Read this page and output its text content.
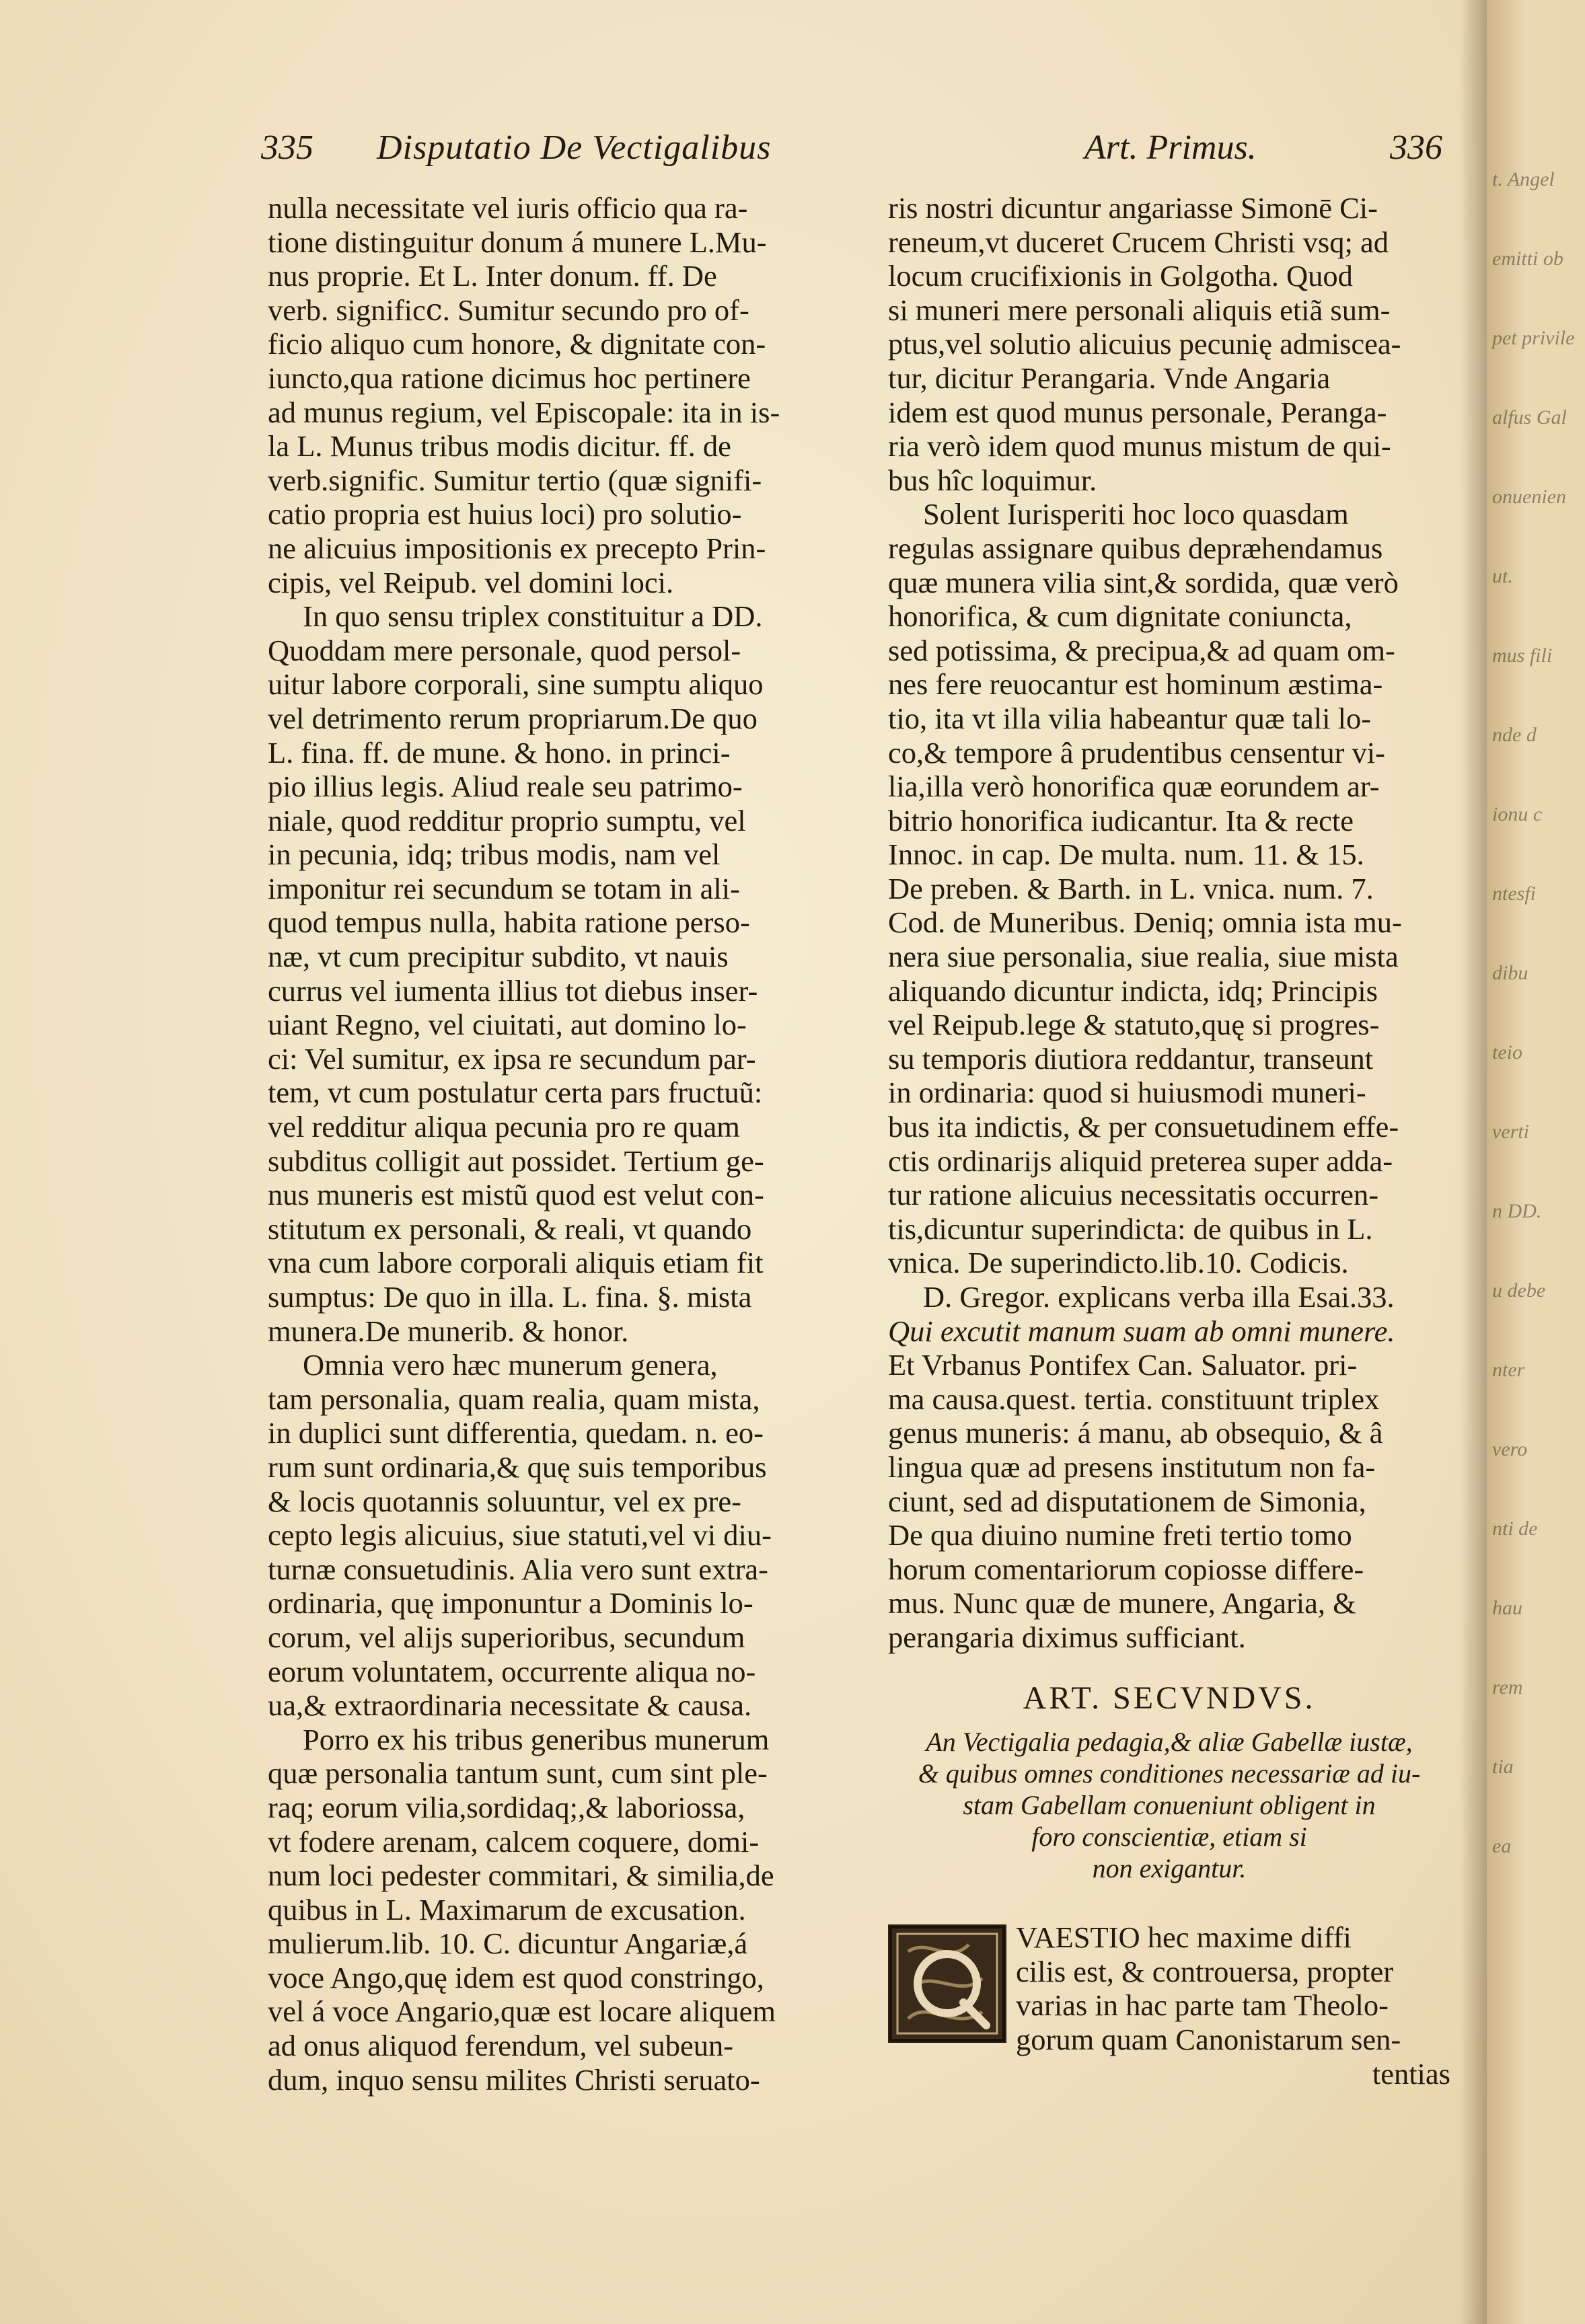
t. Angel
emitti ob
pet privile
alfus Gal
onuenien
ut.
mus fili
nde d
ionu c
ntesfi
dibu
teio
verti
n DD.
u debe
nter
vero
nti de
hau
rem
tia
ea
335 Disputatio De Vectigalibus	Art. Primus.	336
nulla necessitate vel iuris officio qua ra-
tione distinguitur donum á munere L.Mu-
nus proprie. Et L. Inter donum. ff. De
verb. significⅽ. Sumitur secundo pro of-
ficio aliquo cum honore, & dignitate con-
iuncto,qua ratione dicimus hoc pertinere
ad munus regium, vel Episcopale: ita in is-
la L. Munus tribus modis dicitur. ff. de
verb.signific. Sumitur tertio (quæ signifi-
catio propria est huius loci) pro solutio-
ne alicuius impositionis ex precepto Prin-
cipis, vel Reipub. vel domini loci.
In quo sensu triplex constituitur a DD.
Quoddam mere personale, quod persol-
uitur labore corporali, sine sumptu aliquo
vel detrimento rerum propriarum.De quo
L. fina. ff. de mune. & hono. in princi-
pio illius legis. Aliud reale seu patrimo-
niale, quod redditur proprio sumptu, vel
in pecunia, idq; tribus modis, nam vel
imponitur rei secundum se totam in ali-
quod tempus nulla, habita ratione perso-
næ, vt cum precipitur subdito, vt nauis
currus vel iumenta illius tot diebus inser-
uiant Regno, vel ciuitati, aut domino lo-
ci: Vel sumitur, ex ipsa re secundum par-
tem, vt cum postulatur certa pars fructuũ:
vel redditur aliqua pecunia pro re quam
subditus colligit aut possidet. Tertium ge-
nus muneris est mistũ quod est velut con-
stitutum ex personali, & reali, vt quando
vna cum labore corporali aliquis etiam fit
sumptus: De quo in illa. L. fina. §. mista
munera.De munerib. & honor.
Omnia vero hæc munerum genera,
tam personalia, quam realia, quam mista,
in duplici sunt differentia, quedam. n. eo-
rum sunt ordinaria,& quę suis temporibus
& locis quotannis soluuntur, vel ex pre-
cepto legis alicuius, siue statuti,vel vi diu-
turnæ consuetudinis. Alia vero sunt extra-
ordinaria, quę imponuntur a Dominis lo-
corum, vel alijs superioribus, secundum
eorum voluntatem, occurrente aliqua no-
ua,& extraordinaria necessitate & causa.
Porro ex his tribus generibus munerum
quæ personalia tantum sunt, cum sint ple-
raq; eorum vilia,sordidaq;,& laboriossa,
vt fodere arenam, calcem coquere, domi-
num loci pedester commitari, & similia,de
quibus in L. Maximarum de excusation.
mulierum.lib. 10. C. dicuntur Angariæ,á
voce Ango,quę idem est quod constringo,
vel á voce Angario,quæ est locare aliquem
ad onus aliquod ferendum, vel subeun-
dum, inquo sensu milites Christi seruato-
ris nostri dicuntur angariasse Simonē Ci-
reneum,vt duceret Crucem Christi vsq; ad
locum crucifixionis in Golgotha. Quod
si muneri mere personali aliquis etiã sum-
ptus,vel solutio alicuius pecunię admiscea-
tur, dicitur Perangaria. Vnde Angaria
idem est quod munus personale, Peranga-
ria verò idem quod munus mistum de qui-
bus hîc loquimur.
Solent Iurisperiti hoc loco quasdam
regulas assignare quibus depræhendamus
quæ munera vilia sint,& sordida, quæ verò
honorifica, & cum dignitate coniuncta,
sed potissima, & precipua,& ad quam om-
nes fere reuocantur est hominum æstima-
tio, ita vt illa vilia habeantur quæ tali lo-
co,& tempore â prudentibus censentur vi-
lia,illa verò honorifica quæ eorundem ar-
bitrio honorifica iudicantur. Ita & recte
Innoc. in cap. De multa. num. 11. & 15.
De preben. & Barth. in L. vnica. num. 7.
Cod. de Muneribus. Deniq; omnia ista mu-
nera siue personalia, siue realia, siue mista
aliquando dicuntur indicta, idq; Principis
vel Reipub.lege & statuto,quę si progres-
su temporis diutiora reddantur, transeunt
in ordinaria: quod si huiusmodi muneri-
bus ita indictis, & per consuetudinem effe-
ctis ordinarijs aliquid preterea super adda-
tur ratione alicuius necessitatis occurren-
tis,dicuntur superindicta: de quibus in L.
vnica. De superindicto.lib.10. Codicis.
D. Gregor. explicans verba illa Esai.33.
Qui excutit manum suam ab omni munere.
Et Vrbanus Pontifex Can. Saluator. pri-
ma causa.quest. tertia. constituunt triplex
genus muneris: á manu, ab obsequio, & â
lingua quæ ad presens institutum non fa-
ciunt, sed ad disputationem de Simonia,
De qua diuino numine freti tertio tomo
horum comentariorum copiosse differe-
mus. Nunc quæ de munere, Angaria, &
perangaria diximus sufficiant.
ART. SECVNDVS.
An Vectigalia pedagia,& aliæ Gabellæ iustæ,
& quibus omnes conditiones necessariæ ad iu-
stam Gabellam conueniunt obligent in
foro conscientiæ, etiam si
non exigantur.
VAESTIO hec maxime diffi
cilis est, & controuersa, propter
varias in hac parte tam Theolo-
gorum quam Canonistarum sen-
tentias
